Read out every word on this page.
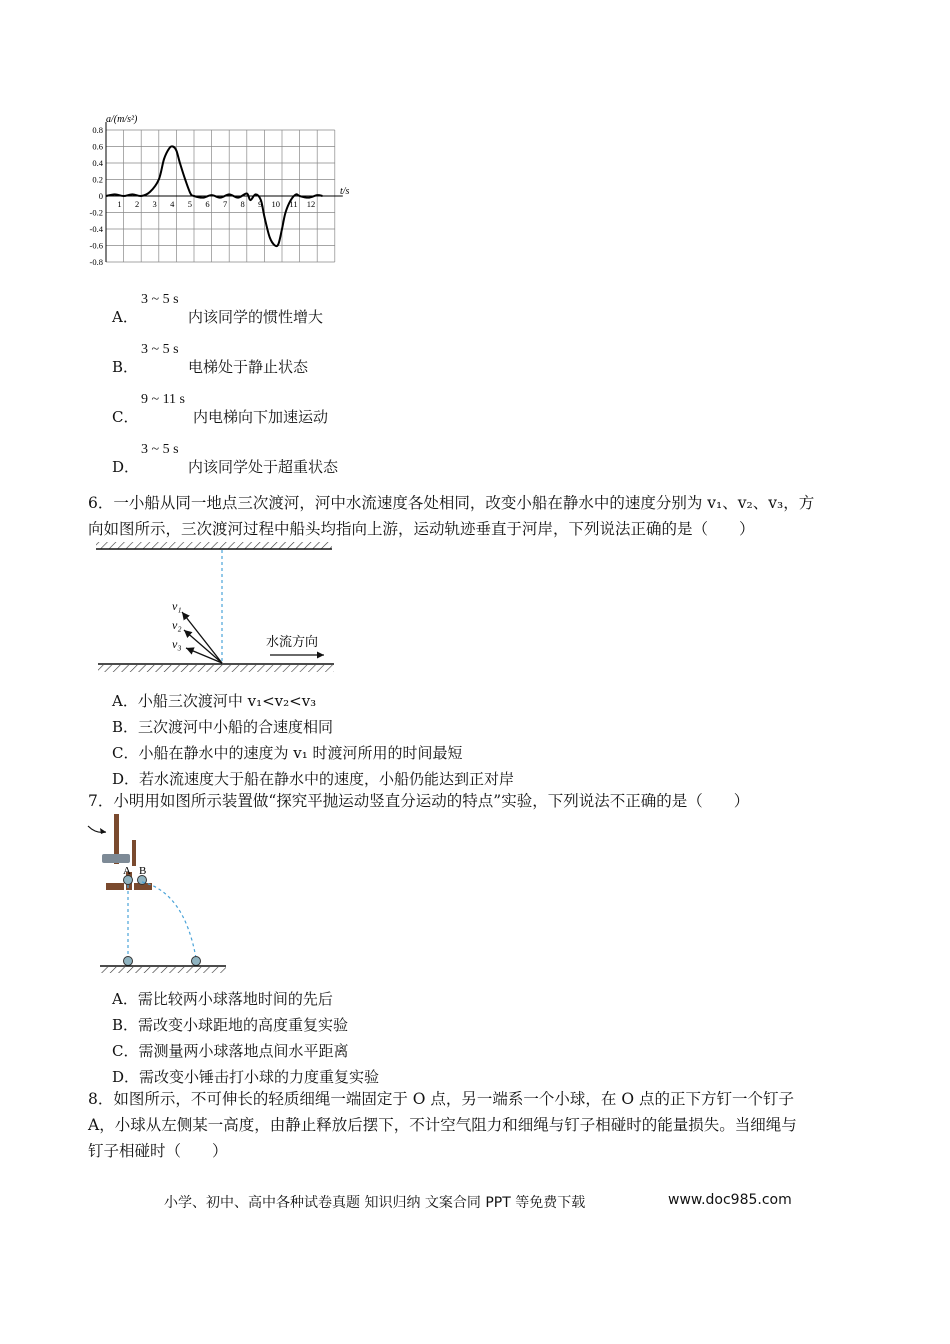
a/(m/s²)
t/s
0.8
0.6
0.4
0.2
0
-0.2
-0.4
-0.6
-0.8
1 2 3 4 5 6 7 8 9 10 11 12
A．
3 ~ 5 s
内该同学的惯性增大
B．
3 ~ 5 s
电梯处于静止状态
C．
9 ~ 11 s
内电梯向下加速运动
D．
3 ~ 5 s
内该同学处于超重状态
6．一小船从同一地点三次渡河，河中水流速度各处相同，改变小船在静水中的速度分别为 v₁、v₂、v₃，方
向如图所示，三次渡河过程中船头均指向上游，运动轨迹垂直于河岸，下列说法正确的是（　　）
v₁
v₂
v₃	水流方向
A．小船三次渡河中 v₁<v₂<v₃
B．三次渡河中小船的合速度相同
C．小船在静水中的速度为 v₁ 时渡河所用的时间最短
D．若水流速度大于船在静水中的速度，小船仍能达到正对岸
7．小明用如图所示装置做“探究平抛运动竖直分运动的特点”实验，下列说法不正确的是（　　）
A B
A．需比较两小球落地时间的先后
B．需改变小球距地的高度重复实验
C．需测量两小球落地点间水平距离
D．需改变小锤击打小球的力度重复实验
8．如图所示，不可伸长的轻质细绳一端固定于 O 点，另一端系一个小球，在 O 点的正下方钉一个钉子
A，小球从左侧某一高度，由静止释放后摆下，不计空气阻力和细绳与钉子相碰时的能量损失。当细绳与
钉子相碰时（　　）
小学、初中、高中各种试卷真题 知识归纳 文案合同 PPT 等免费下载	www.doc985.com
